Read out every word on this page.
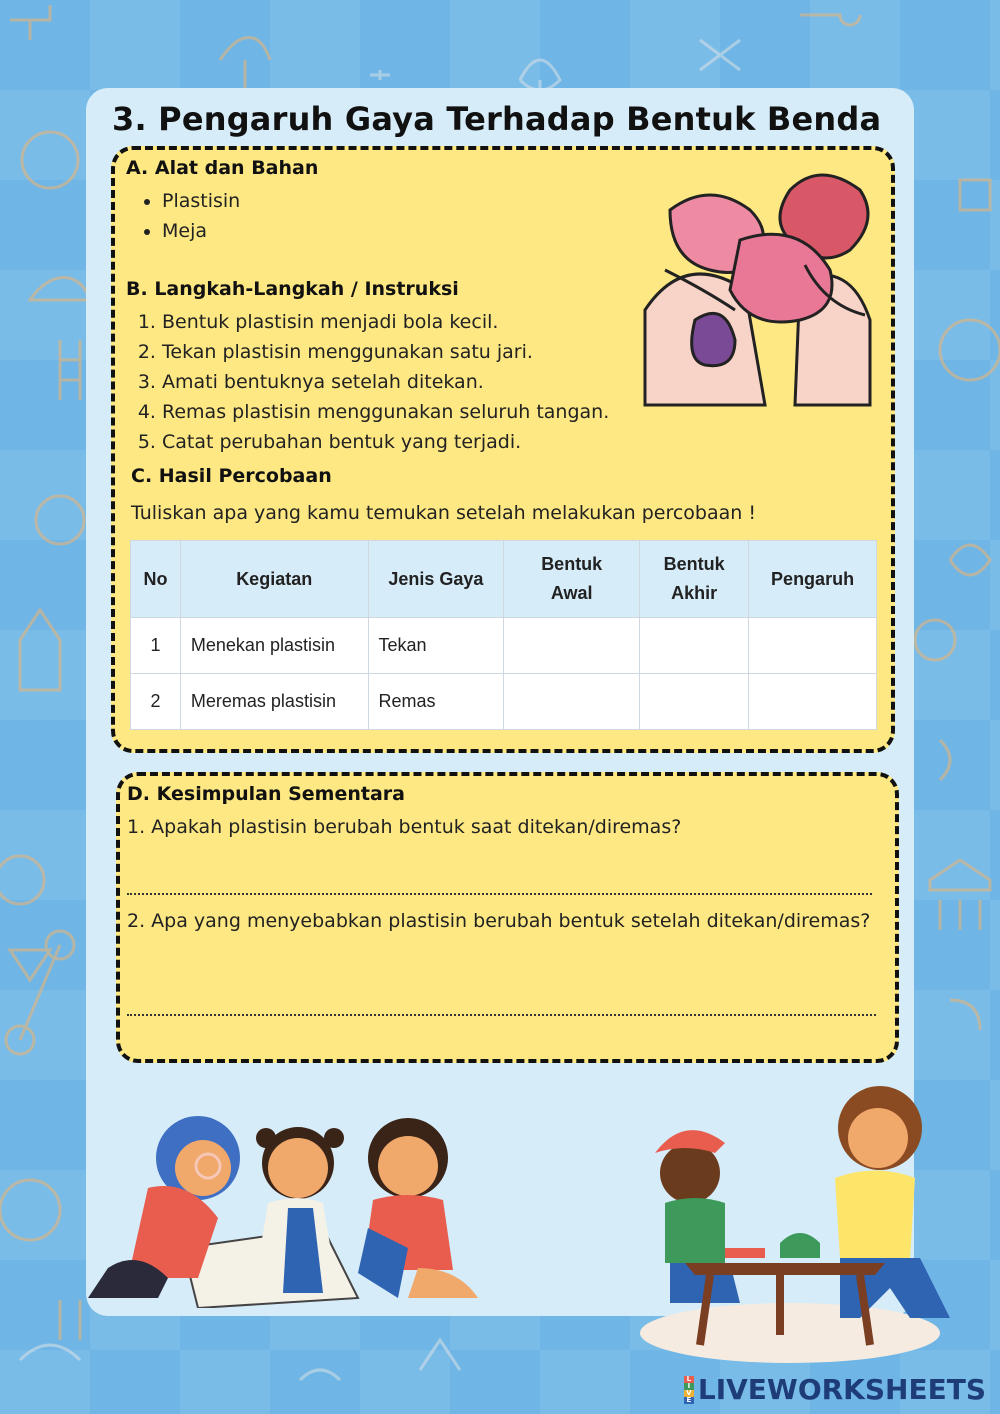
3. Pengaruh Gaya Terhadap Bentuk Benda

A. Alat dan Bahan

• Plastisin
• Meja

B. Langkah-Langkah / Instruksi

1. Bentuk plastisin menjadi bola kecil.
2. Tekan plastisin menggunakan satu jari.
3. Amati bentuknya setelah ditekan.
4. Remas plastisin menggunakan seluruh tangan.
5. Catat perubahan bentuk yang terjadi.

C. Hasil Percobaan

Tuliskan apa yang kamu temukan setelah melakukan percobaan !

No	Kegiatan	Jenis Gaya	Bentuk Awal	Bentuk Akhir	Pengaruh
1	Menekan plastisin	Tekan			
2	Meremas plastisin	Remas			

D. Kesimpulan Sementara

1. Apakah plastisin berubah bentuk saat ditekan/diremas?

2. Apa yang menyebabkan plastisin berubah bentuk setelah ditekan/diremas?

L
I
V
E LIVEWORKSHEETS
